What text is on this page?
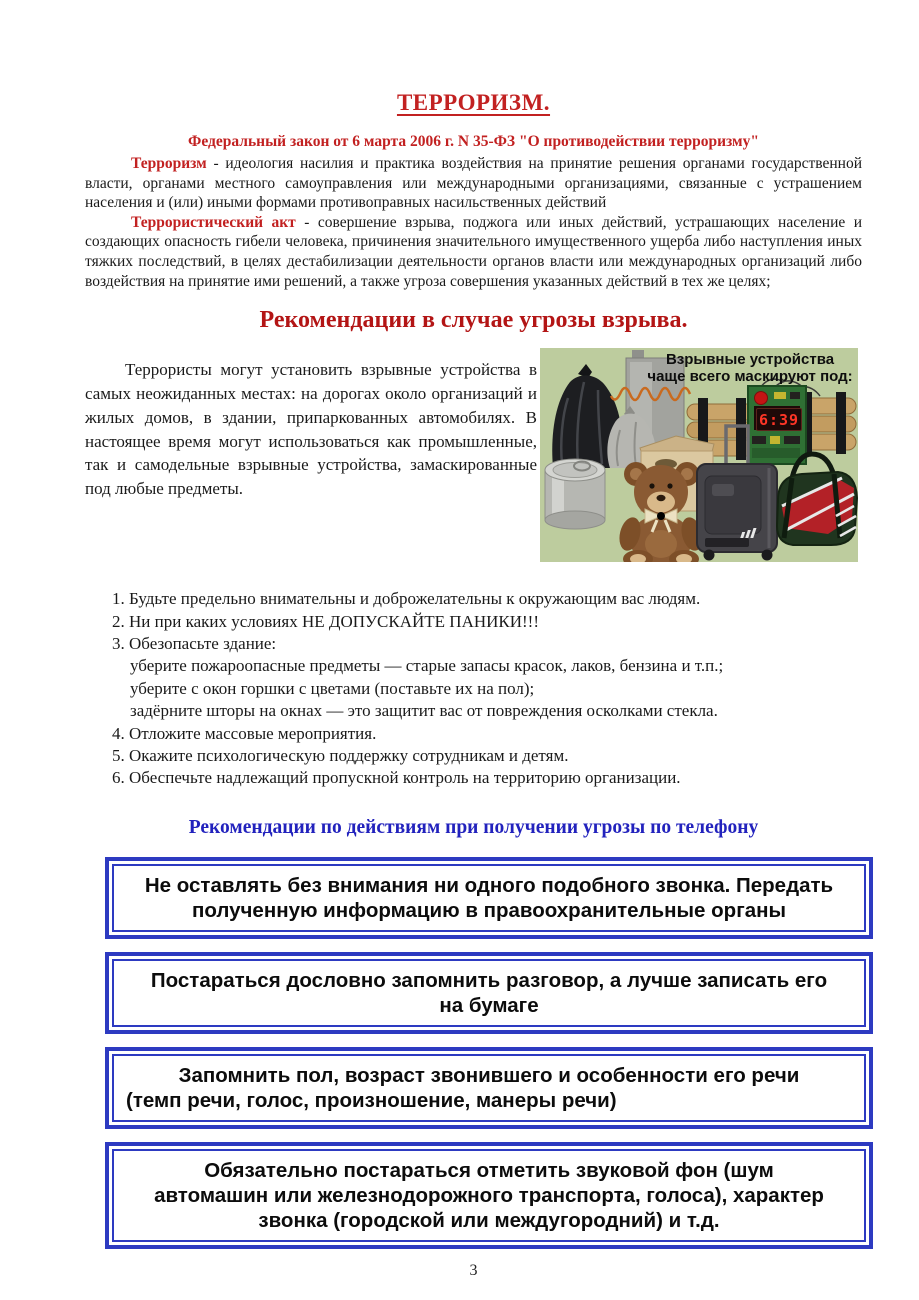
ТЕРРОРИЗМ.
Федеральный закон от 6 марта 2006 г. N 35-ФЗ "О противодействии терроризму"

Терроризм - идеология насилия и практика воздействия на принятие решения органами государственной власти, органами местного самоуправления или международными организациями, связанные с устрашением населения и (или) иными формами противоправных насильственных действий

Террористический акт - совершение взрыва, поджога или иных действий, устрашающих население и создающих опасность гибели человека, причинения значительного имущественного ущерба либо наступления иных тяжких последствий, в целях дестабилизации деятельности органов власти или международных организаций либо воздействия на принятие ими решений, а также угроза совершения указанных действий в тех же целях;

Рекомендации в случае угрозы взрыва.

Террористы могут установить взрывные устройства в самых неожиданных местах: на дорогах около организаций и жилых домов, в здании, припаркованных автомобилях. В настоящее время могут использоваться как промышленные, так и самодельные взрывные устройства, замаскированные под любые предметы.

Взрывные устройства
чаще всего маскируют под:
6:39
1. Будьте предельно внимательны и доброжелательны к окружающим вас людям.
2. Ни при каких условиях НЕ ДОПУСКАЙТЕ ПАНИКИ!!!
3. Обезопасьте здание:
уберите пожароопасные предметы — старые запасы красок, лаков, бензина и т.п.;
уберите с окон горшки с цветами (поставьте их на пол);
задёрните шторы на окнах — это защитит вас от повреждения осколками стекла.
4. Отложите массовые мероприятия.
5. Окажите психологическую поддержку сотрудникам и детям.
6. Обеспечьте надлежащий пропускной контроль на территорию организации.
Рекомендации по действиям при получении угрозы по телефону
Не оставлять без внимания ни одного подобного звонка. Передать
полученную информацию в правоохранительные органы
Постараться дословно запомнить разговор, а лучше записать его
на бумаге
Запомнить пол, возраст звонившего и особенности его речи
(темп речи, голос, произношение, манеры речи)
Обязательно постараться отметить звуковой фон (шум
автомашин или железнодорожного транспорта, голоса), характер
звонка (городской или междугородний) и т.д.
3
